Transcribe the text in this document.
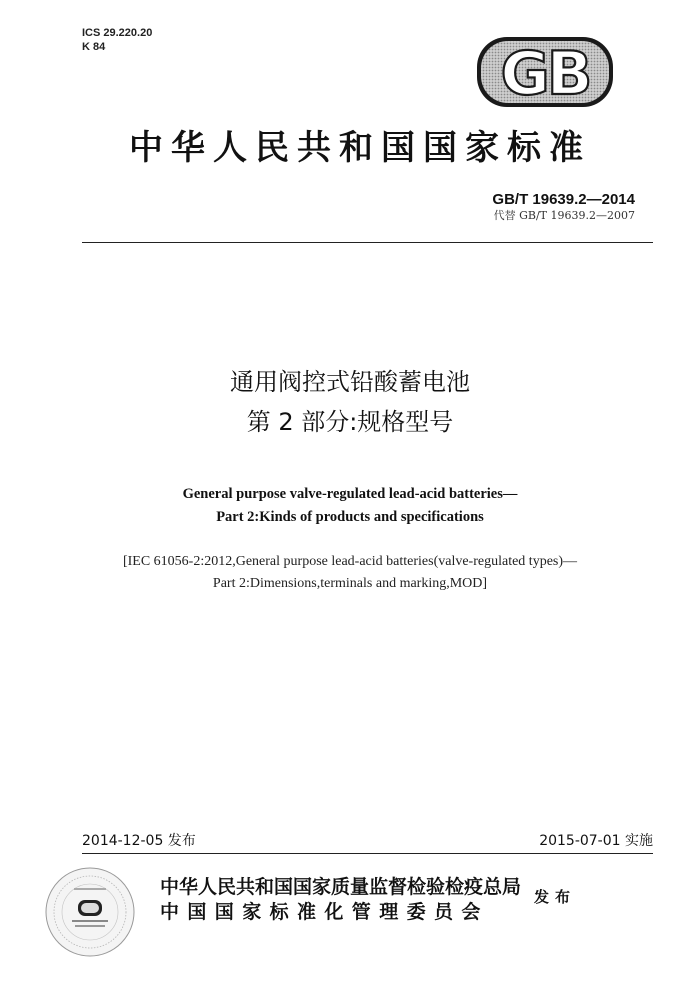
ICS 29.220.20
K 84	GB
中华人民共和国国家标准
GB/T 19639.2—2014
代替 GB/T 19639.2—2007
通用阀控式铅酸蓄电池
第 2 部分:规格型号
General purpose valve-regulated lead-acid batteries—
Part 2:Kinds of products and specifications
[IEC 61056-2:2012,General purpose lead-acid batteries(valve-regulated types)—
Part 2:Dimensions,terminals and marking,MOD]
2014-12-05 发布	2015-07-01 实施
中华人民共和国国家质量监督检验检疫总局
中国国家标准化管理委员会
发布
